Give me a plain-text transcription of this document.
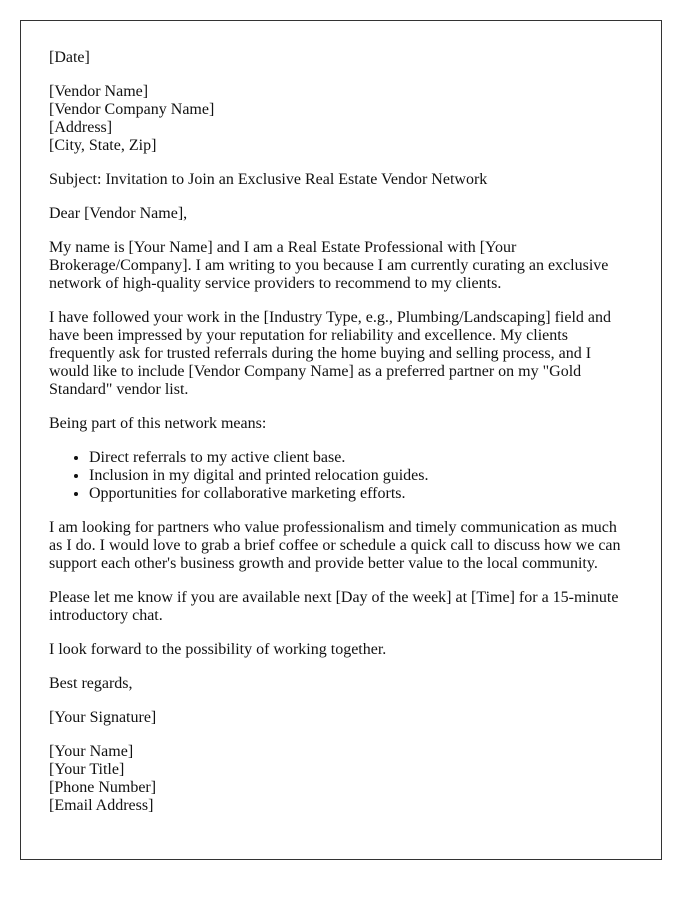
[Date]

[Vendor Name]
[Vendor Company Name]
[Address]
[City, State, Zip]

Subject: Invitation to Join an Exclusive Real Estate Vendor Network

Dear [Vendor Name],

My name is [Your Name] and I am a Real Estate Professional with [Your Brokerage/Company]. I am writing to you because I am currently curating an exclusive network of high-quality service providers to recommend to my clients.

I have followed your work in the [Industry Type, e.g., Plumbing/Landscaping] field and have been impressed by your reputation for reliability and excellence. My clients frequently ask for trusted referrals during the home buying and selling process, and I would like to include [Vendor Company Name] as a preferred partner on my "Gold Standard" vendor list.

Being part of this network means:

• Direct referrals to my active client base.
• Inclusion in my digital and printed relocation guides.
• Opportunities for collaborative marketing efforts.

I am looking for partners who value professionalism and timely communication as much as I do. I would love to grab a brief coffee or schedule a quick call to discuss how we can support each other's business growth and provide better value to the local community.

Please let me know if you are available next [Day of the week] at [Time] for a 15-minute introductory chat.

I look forward to the possibility of working together.

Best regards,

[Your Signature]

[Your Name]
[Your Title]
[Phone Number]
[Email Address]
